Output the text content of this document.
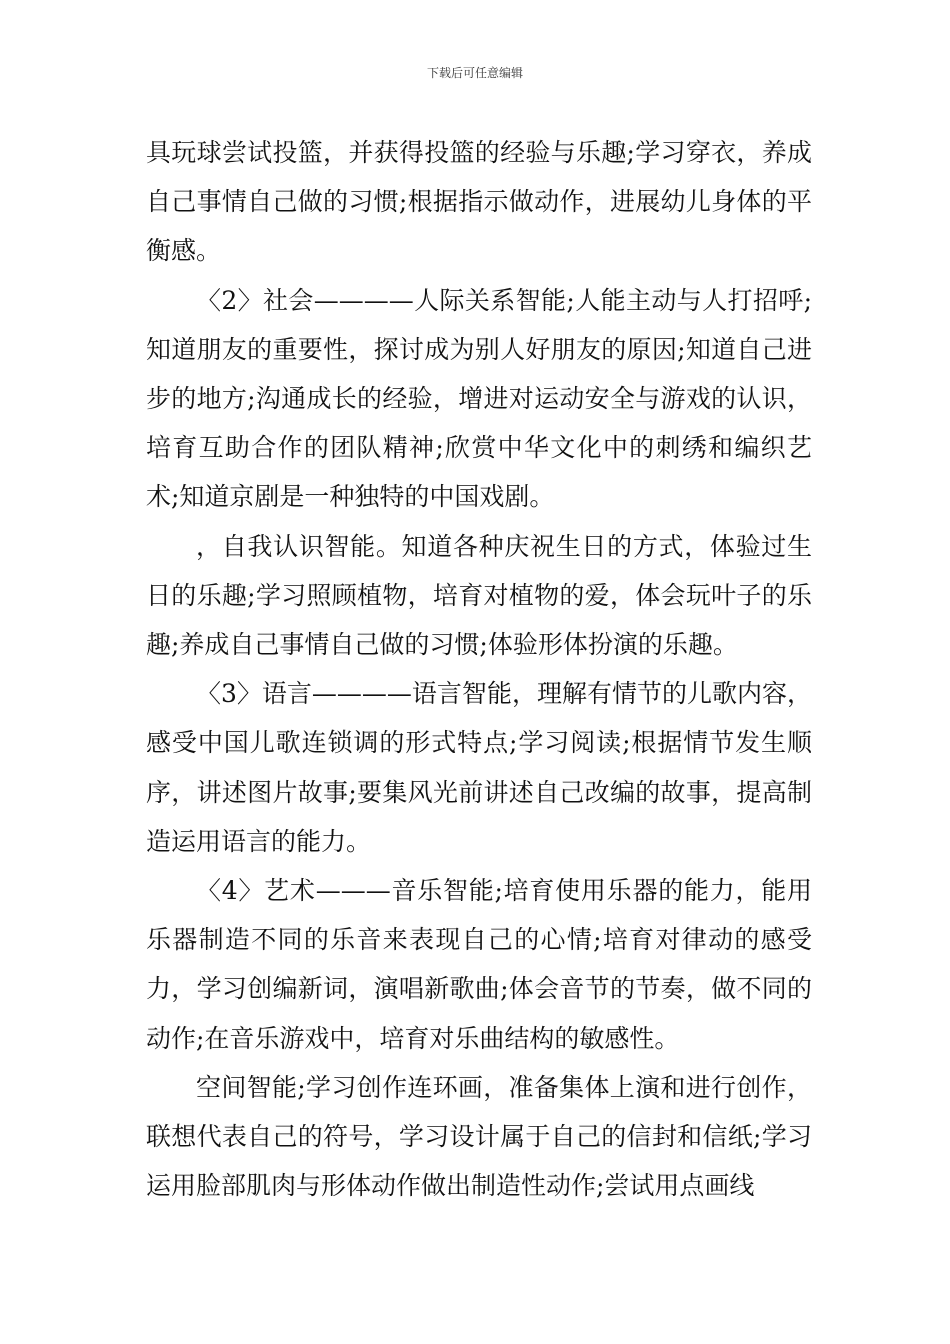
下载后可任意编辑

具玩球尝试投篮，并获得投篮的经验与乐趣;学习穿衣，养成自己事情自己做的习惯;根据指示做动作，进展幼儿身体的平衡感。

〈2〉社会————人际关系智能;人能主动与人打招呼;知道朋友的重要性，探讨成为别人好朋友的原因;知道自己进步的地方;沟通成长的经验，增进对运动安全与游戏的认识，培育互助合作的团队精神;欣赏中华文化中的刺绣和编织艺术;知道京剧是一种独特的中国戏剧。

，自我认识智能。知道各种庆祝生日的方式，体验过生日的乐趣;学习照顾植物，培育对植物的爱，体会玩叶子的乐趣;养成自己事情自己做的习惯;体验形体扮演的乐趣。

〈3〉语言————语言智能，理解有情节的儿歌内容，感受中国儿歌连锁调的形式特点;学习阅读;根据情节发生顺序，讲述图片故事;要集风光前讲述自己改编的故事，提高制造运用语言的能力。

〈4〉艺术———音乐智能;培育使用乐器的能力，能用乐器制造不同的乐音来表现自己的心情;培育对律动的感受力，学习创编新词，演唱新歌曲;体会音节的节奏，做不同的动作;在音乐游戏中，培育对乐曲结构的敏感性。

空间智能;学习创作连环画，准备集体上演和进行创作，联想代表自己的符号，学习设计属于自己的信封和信纸;学习运用脸部肌肉与形体动作做出制造性动作;尝试用点画线
